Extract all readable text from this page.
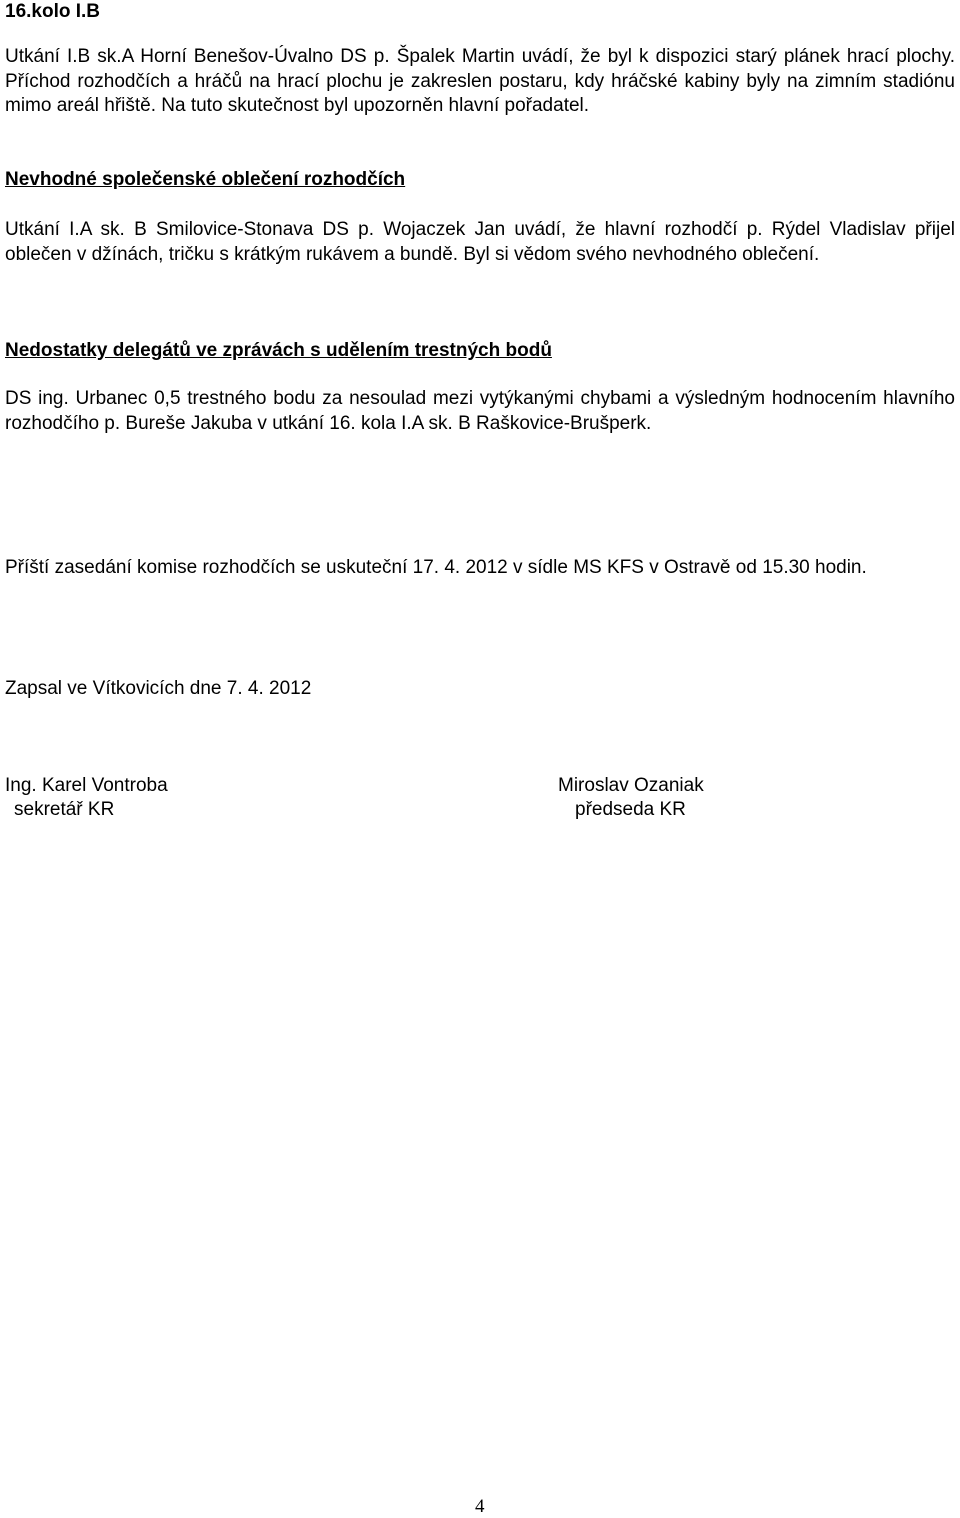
16.kolo I.B
Utkání I.B sk.A Horní Benešov-Úvalno DS p. Špalek Martin uvádí, že byl k dispozici starý plánek hrací plochy. Příchod rozhodčích a hráčů na hrací plochu je zakreslen postaru, kdy hráčské kabiny byly na zimním stadiónu mimo areál hřiště. Na tuto skutečnost byl upozorněn hlavní pořadatel.
Nevhodné společenské oblečení rozhodčích
Utkání I.A sk. B Smilovice-Stonava DS p. Wojaczek Jan uvádí, že hlavní rozhodčí p. Rýdel Vladislav přijel oblečen v džínách, tričku s krátkým rukávem a bundě. Byl si vědom svého nevhodného oblečení.
Nedostatky delegátů ve zprávách s udělením trestných bodů
DS ing. Urbanec 0,5 trestného bodu za nesoulad mezi vytýkanými chybami a výsledným hodnocením hlavního rozhodčího p. Bureše Jakuba v utkání 16. kola I.A sk. B Raškovice-Brušperk.
Příští zasedání komise rozhodčích se uskuteční 17. 4. 2012 v sídle MS KFS v Ostravě od 15.30 hodin.
Zapsal ve Vítkovicích dne 7. 4. 2012
Ing. Karel Vontroba
sekretář KR
Miroslav Ozaniak
předseda KR
4
